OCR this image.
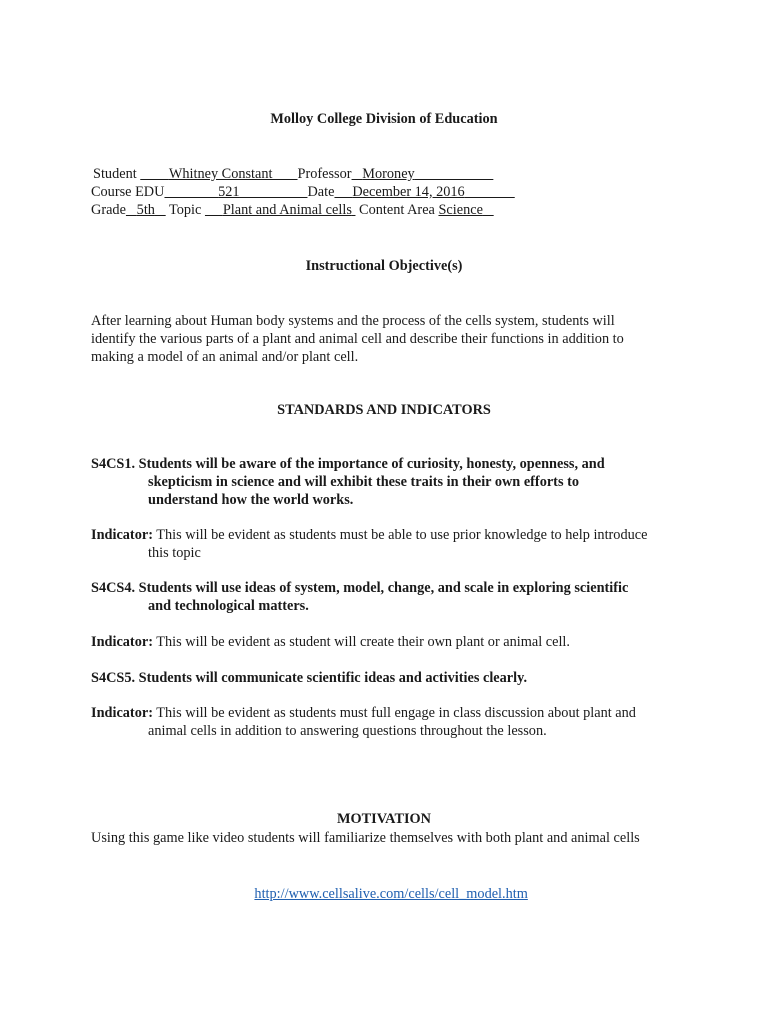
Molloy College Division of Education
Student Whitney Constant Professor Moroney
Course EDU	521	Date December 14, 2016
Grade 5th Topic Plant and Animal cells Content Area Science
Instructional Objective(s)

After learning about Human body systems and the process of the cells system, students will

identify the various parts of a plant and animal cell and describe their functions in addition to

making a model of an animal and/or plant cell.

STANDARDS AND INDICATORS

S4CS1. Students will be aware of the importance of curiosity, honesty, openness, and

skepticism in science and will exhibit these traits in their own efforts to

understand how the world works.

Indicator: This will be evident as students must be able to use prior knowledge to help introduce

this topic

S4CS4. Students will use ideas of system, model, change, and scale in exploring scientific

and technological matters.

Indicator: This will be evident as student will create their own plant or animal cell.

S4CS5. Students will communicate scientific ideas and activities clearly.

Indicator: This will be evident as students must full engage in class discussion about plant and

animal cells in addition to answering questions throughout the lesson.

MOTIVATION
Using this game like video students will familiarize themselves with both plant and animal cells

http://www.cellsalive.com/cells/cell_model.htm
